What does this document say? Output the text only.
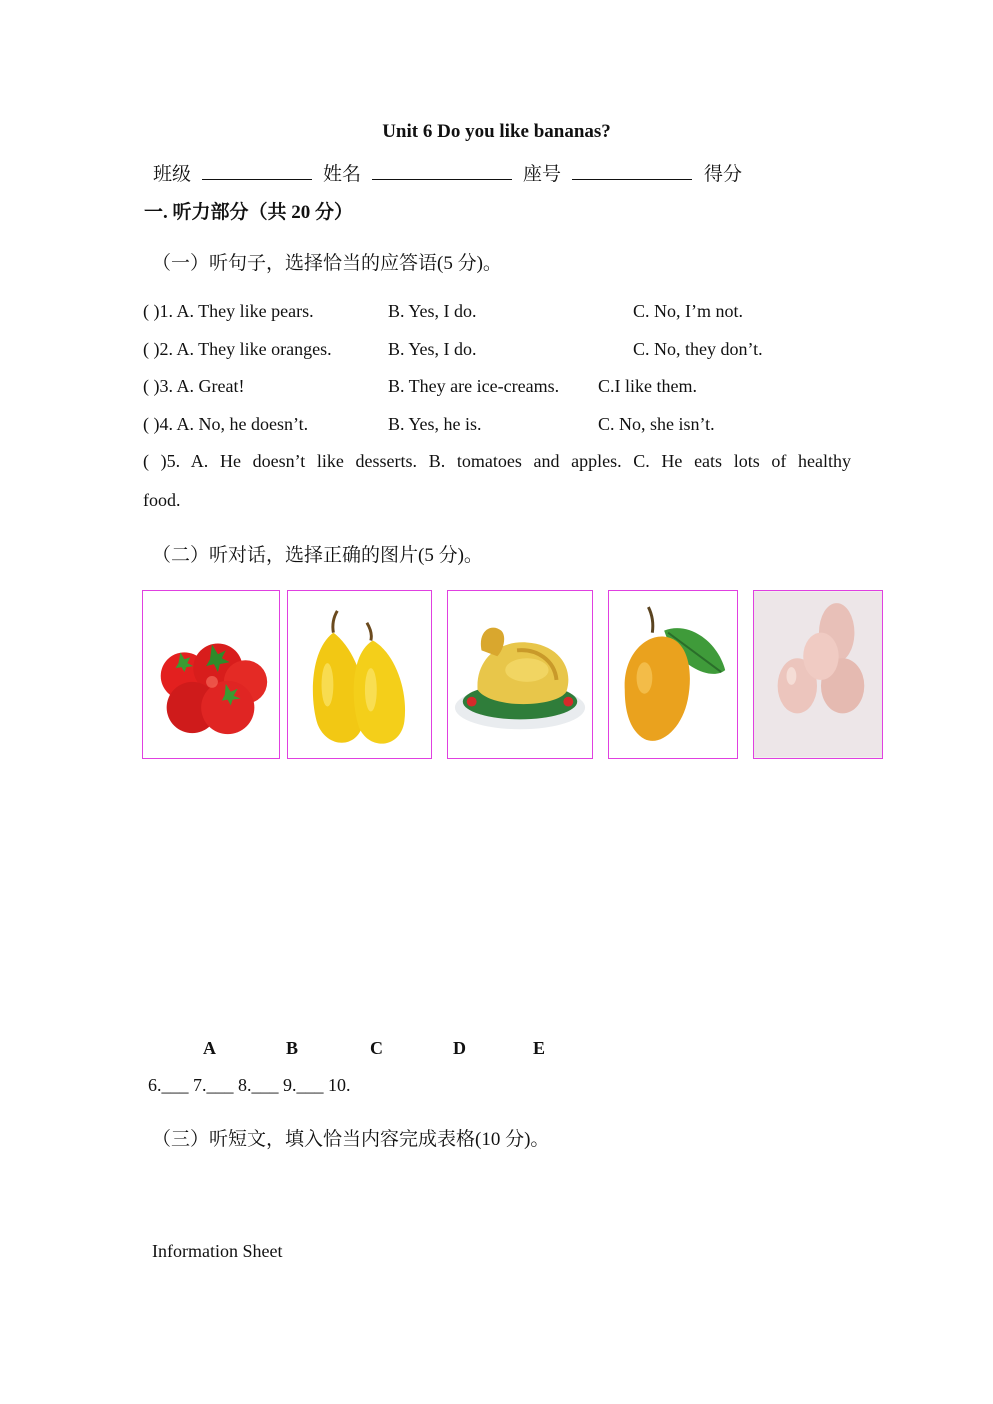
Unit 6 Do you like bananas?
班级	姓名	座号	得分
一. 听力部分（共 20 分）
（一）听句子，选择恰当的应答语(5 分)。
( )1. A. They like pears.	B. Yes, I do.	C. No, I’m not.
( )2. A. They like oranges.	B. Yes, I do.	C. No, they don’t.
( )3. A. Great!	B. They are ice-creams. C.I like them.
( )4. A. No, he doesn’t.	B. Yes, he is.	C. No, she isn’t.
( )5. A. He doesn’t like desserts. B. tomatoes and apples. C. He eats lots of healthy
food.
（二）听对话，选择正确的图片(5 分)。
A	B	C	D	E
6.___ 7.___ 8.___ 9.___ 10.
（三）听短文，填入恰当内容完成表格(10 分)。
Information Sheet
